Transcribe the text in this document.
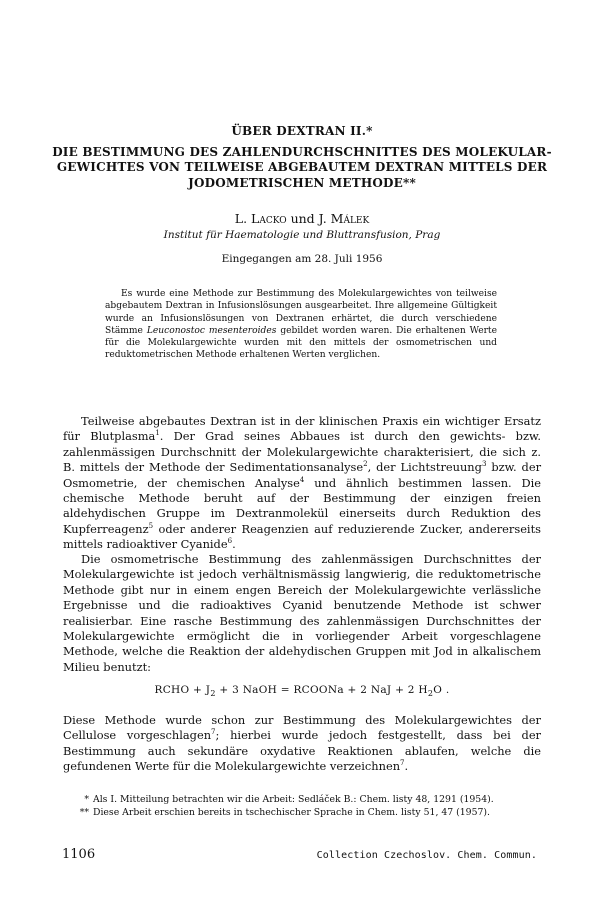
ÜBER DEXTRAN II.*
DIE BESTIMMUNG DES ZAHLENDURCHSCHNITTES DES MOLEKULAR-
GEWICHTES VON TEILWEISE ABGEBAUTEM DEXTRAN MITTELS DER
JODOMETRISCHEN METHODE**
L. Lacko und J. Málek
Institut für Haematologie und Bluttransfusion, Prag
Eingegangen am 28. Juli 1956
Es wurde eine Methode zur Bestimmung des Molekulargewichtes von teilweise abgebautem Dextran in Infusionslösungen ausgearbeitet. Ihre allgemeine Gültigkeit wurde an Infusionslösungen von Dextranen erhärtet, die durch verschiedene Stämme Leuconostoc mesenteroides gebildet worden waren. Die erhaltenen Werte für die Molekulargewichte wurden mit den mittels der osmometrischen und reduktometrischen Methode erhaltenen Werten verglichen.
Teilweise abgebautes Dextran ist in der klinischen Praxis ein wichtiger Ersatz für Blutplasma$^1$. Der Grad seines Abbaues ist durch den gewichts- bzw. zahlenmässigen Durchschnitt der Molekulargewichte charakterisiert, die sich z. B. mittels der Methode der Sedimentationsanalyse$^2$, der Lichtstreuung$^3$ bzw. der Osmometrie, der chemischen Analyse$^4$ und ähnlich bestimmen lassen. Die chemische Methode beruht auf der Bestimmung der einzigen freien aldehydischen Gruppe im Dextranmolekül einerseits durch Reduktion des Kupferreagenz$^5$ oder anderer Reagenzien auf reduzierende Zucker, andererseits mittels radioaktiver Cyanide$^6$.
Die osmometrische Bestimmung des zahlenmässigen Durchschnittes der Molekulargewichte ist jedoch verhältnismässig langwierig, die reduktometrische Methode gibt nur in einem engen Bereich der Molekulargewichte verlässliche Ergebnisse und die radioaktives Cyanid benutzende Methode ist schwer realisierbar. Eine rasche Bestimmung des zahlenmässigen Durchschnittes der Molekulargewichte ermöglicht die in vorliegender Arbeit vorgeschlagene Methode, welche die Reaktion der aldehydischen Gruppen mit Jod in alkalischem Milieu benutzt:
RCHO + $J_2 + 3$ NaOH = RCOONa + 2 NaJ + 2 $H_2O$ .
Diese Methode wurde schon zur Bestimmung des Molekulargewichtes der Cellulose vorgeschlagen$^7$; hierbei wurde jedoch festgestellt, dass bei der Bestimmung auch sekundäre oxydative Reaktionen ablaufen, welche die gefundenen Werte für die Molekulargewichte verzeichnen$^7$.
* Als I. Mitteilung betrachten wir die Arbeit: Sedláček B.: Chem. listy 48, 1291 (1954).
** Diese Arbeit erschien bereits in tschechischer Sprache in Chem. listy 51, 47 (1957).
1106	Collection Czechoslov. Chem. Commun.
